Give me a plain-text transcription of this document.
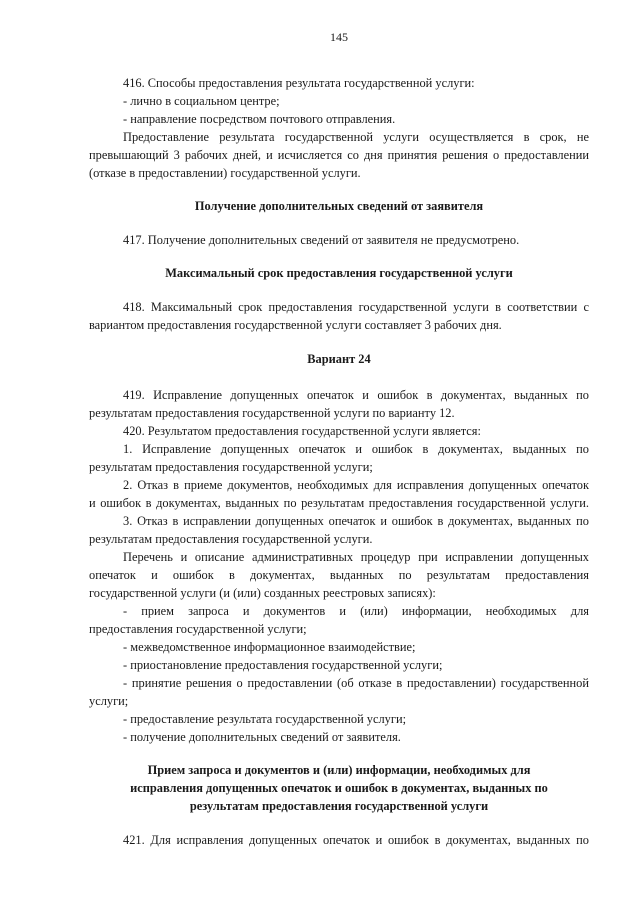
145
416. Способы предоставления результата государственной услуги:
- лично в социальном центре;
- направление посредством почтового отправления.
Предоставление результата государственной услуги осуществляется в срок, не
превышающий 3 рабочих дней, и исчисляется со дня принятия решения о предоставлении
(отказе в предоставлении) государственной услуги.
Получение дополнительных сведений от заявителя
417. Получение дополнительных сведений от заявителя не предусмотрено.
Максимальный срок предоставления государственной услуги
418. Максимальный срок предоставления государственной услуги в соответствии с
вариантом предоставления государственной услуги составляет 3 рабочих дня.
Вариант 24
419. Исправление допущенных опечаток и ошибок в документах, выданных по
результатам предоставления государственной услуги по варианту 12.
420. Результатом предоставления государственной услуги является:
1. Исправление допущенных опечаток и ошибок в документах, выданных по
результатам предоставления государственной услуги;
2. Отказ в приеме документов, необходимых для исправления допущенных опечаток
и ошибок в документах, выданных по результатам предоставления государственной услуги.
3. Отказ в исправлении допущенных опечаток и ошибок в документах, выданных по
результатам предоставления государственной услуги.
Перечень и описание административных процедур при исправлении допущенных
опечаток и ошибок в документах, выданных по результатам предоставления
государственной услуги (и (или) созданных реестровых записях):
- прием запроса и документов и (или) информации, необходимых для
предоставления государственной услуги;
- межведомственное информационное взаимодействие;
- приостановление предоставления государственной услуги;
- принятие решения о предоставлении (об отказе в предоставлении) государственной
услуги;
- предоставление результата государственной услуги;
- получение дополнительных сведений от заявителя.
Прием запроса и документов и (или) информации, необходимых для
исправления допущенных опечаток и ошибок в документах, выданных по
результатам предоставления государственной услуги
421. Для исправления допущенных опечаток и ошибок в документах, выданных по
